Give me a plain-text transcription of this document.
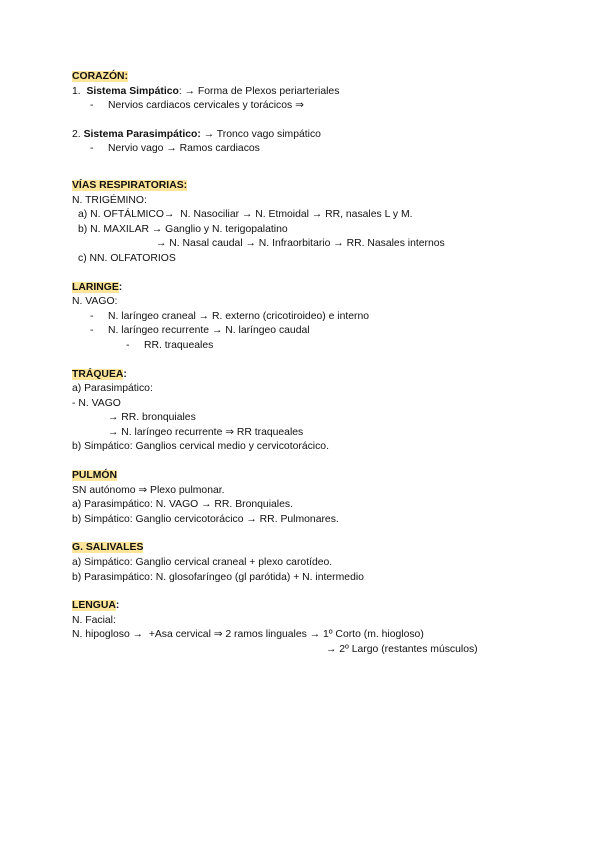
CORAZÓN:
1.  Sistema Simpático: → Forma de Plexos periarteriales
- Nervios cardiacos cervicales y torácicos ⇒
2. Sistema Parasimpático: → Tronco vago simpático
- Nervio vago → Ramos cardiacos
VÍAS RESPIRATORIAS:
N. TRIGÉMINO:
a) N. OFTÁLMICO→  N. Nasociliar → N. Etmoidal → RR, nasales L y M.
b) N. MAXILAR → Ganglio y N. terigopalatino
→ N. Nasal caudal → N. Infraorbitario → RR. Nasales internos
c) NN. OLFATORIOS
LARINGE:
N. VAGO:
- N. laríngeo craneal → R. externo (cricotiroideo) e interno
- N. laríngeo recurrente → N. laríngeo caudal
- RR. traqueales
TRÁQUEA:
a) Parasimpático:
- N. VAGO
→ RR. bronquiales
→ N. laríngeo recurrente ⇒ RR traqueales
b) Simpático: Ganglios cervical medio y cervicotorácico.
PULMÓN
SN autónomo ⇒ Plexo pulmonar.
a) Parasimpático: N. VAGO → RR. Bronquiales.
b) Simpático: Ganglio cervicotorácico → RR. Pulmonares.
G. SALIVALES
a) Simpático: Ganglio cervical craneal + plexo carotídeo.
b) Parasimpático: N. glosofaríngeo (gl parótida) + N. intermedio
LENGUA:
N. Facial:
N. hipogloso →  +Asa cervical ⇒ 2 ramos linguales → 1º Corto (m. hiogloso)
→ 2º Largo (restantes músculos)
